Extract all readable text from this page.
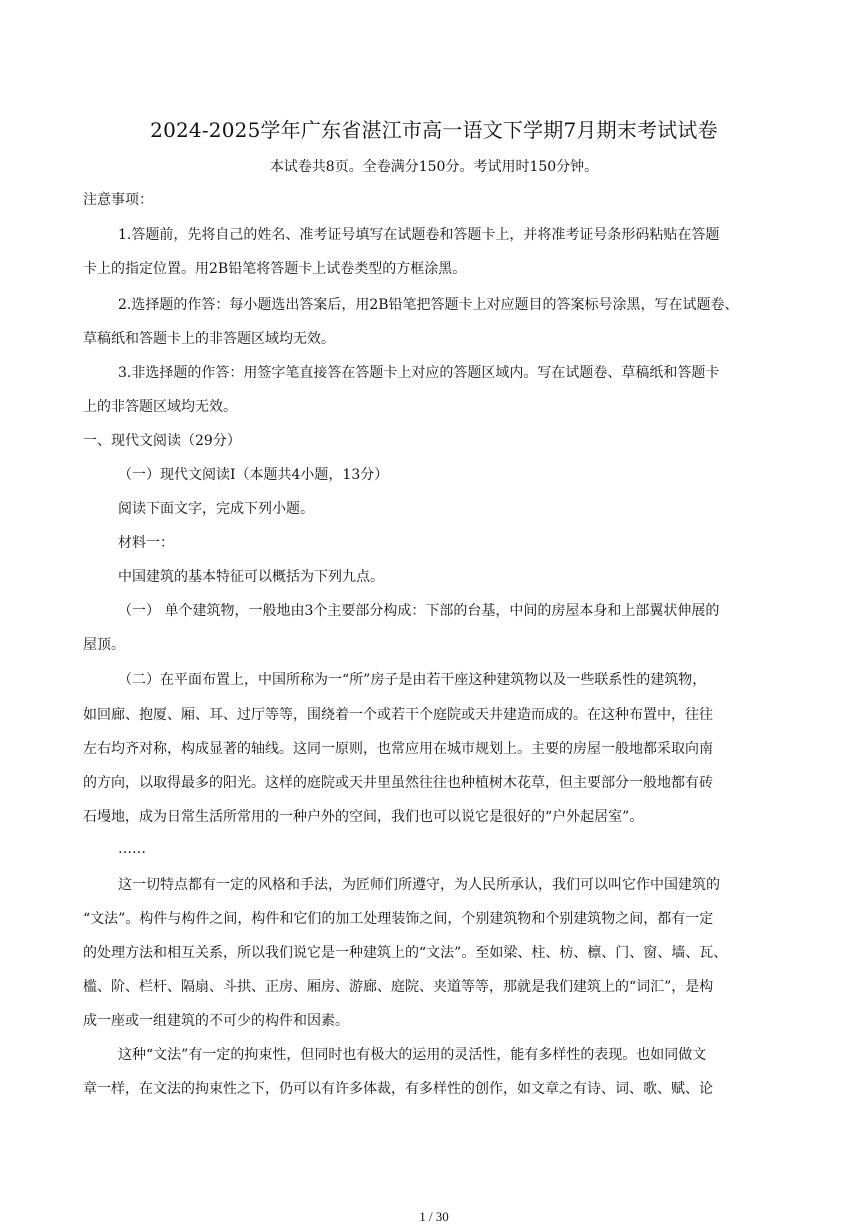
2024-2025学年广东省湛江市高一语文下学期7月期末考试试卷
本试卷共8页。全卷满分150分。考试用时150分钟。
注意事项：
1.答题前，先将自己的姓名、准考证号填写在试题卷和答题卡上，并将准考证号条形码粘贴在答题
卡上的指定位置。用2B铅笔将答题卡上试卷类型的方框涂黑。
2.选择题的作答：每小题选出答案后，用2B铅笔把答题卡上对应题目的答案标号涂黑，写在试题卷、
草稿纸和答题卡上的非答题区域均无效。
3.非选择题的作答：用签字笔直接答在答题卡上对应的答题区域内。写在试题卷、草稿纸和答题卡
上的非答题区域均无效。
一、现代文阅读（29分）
（一）现代文阅读Ⅰ（本题共4小题，13分）
阅读下面文字，完成下列小题。
材料一：
中国建筑的基本特征可以概括为下列九点。
（一） 单个建筑物，一般地由3个主要部分构成：下部的台基，中间的房屋本身和上部翼状伸展的
屋顶。
（二）在平面布置上，中国所称为一“所”房子是由若干座这种建筑物以及一些联系性的建筑物，
如回廊、抱厦、厢、耳、过厅等等，围绕着一个或若干个庭院或天井建造而成的。在这种布置中，往往
左右均齐对称，构成显著的轴线。这同一原则，也常应用在城市规划上。主要的房屋一般地都采取向南
的方向，以取得最多的阳光。这样的庭院或天井里虽然往往也种植树木花草，但主要部分一般地都有砖
石墁地，成为日常生活所常用的一种户外的空间，我们也可以说它是很好的“户外起居室”。
……
这一切特点都有一定的风格和手法，为匠师们所遵守，为人民所承认，我们可以叫它作中国建筑的
“文法”。构件与构件之间，构件和它们的加工处理装饰之间，个别建筑物和个别建筑物之间，都有一定
的处理方法和相互关系，所以我们说它是一种建筑上的“文法”。至如梁、柱、枋、檩、门、窗、墙、瓦、
槛、阶、栏杆、隔扇、斗拱、正房、厢房、游廊、庭院、夹道等等，那就是我们建筑上的“词汇”，是构
成一座或一组建筑的不可少的构件和因素。
这种“文法”有一定的拘束性，但同时也有极大的运用的灵活性，能有多样性的表现。也如同做文
章一样，在文法的拘束性之下，仍可以有许多体裁，有多样性的创作，如文章之有诗、词、歌、赋、论
1 / 30
